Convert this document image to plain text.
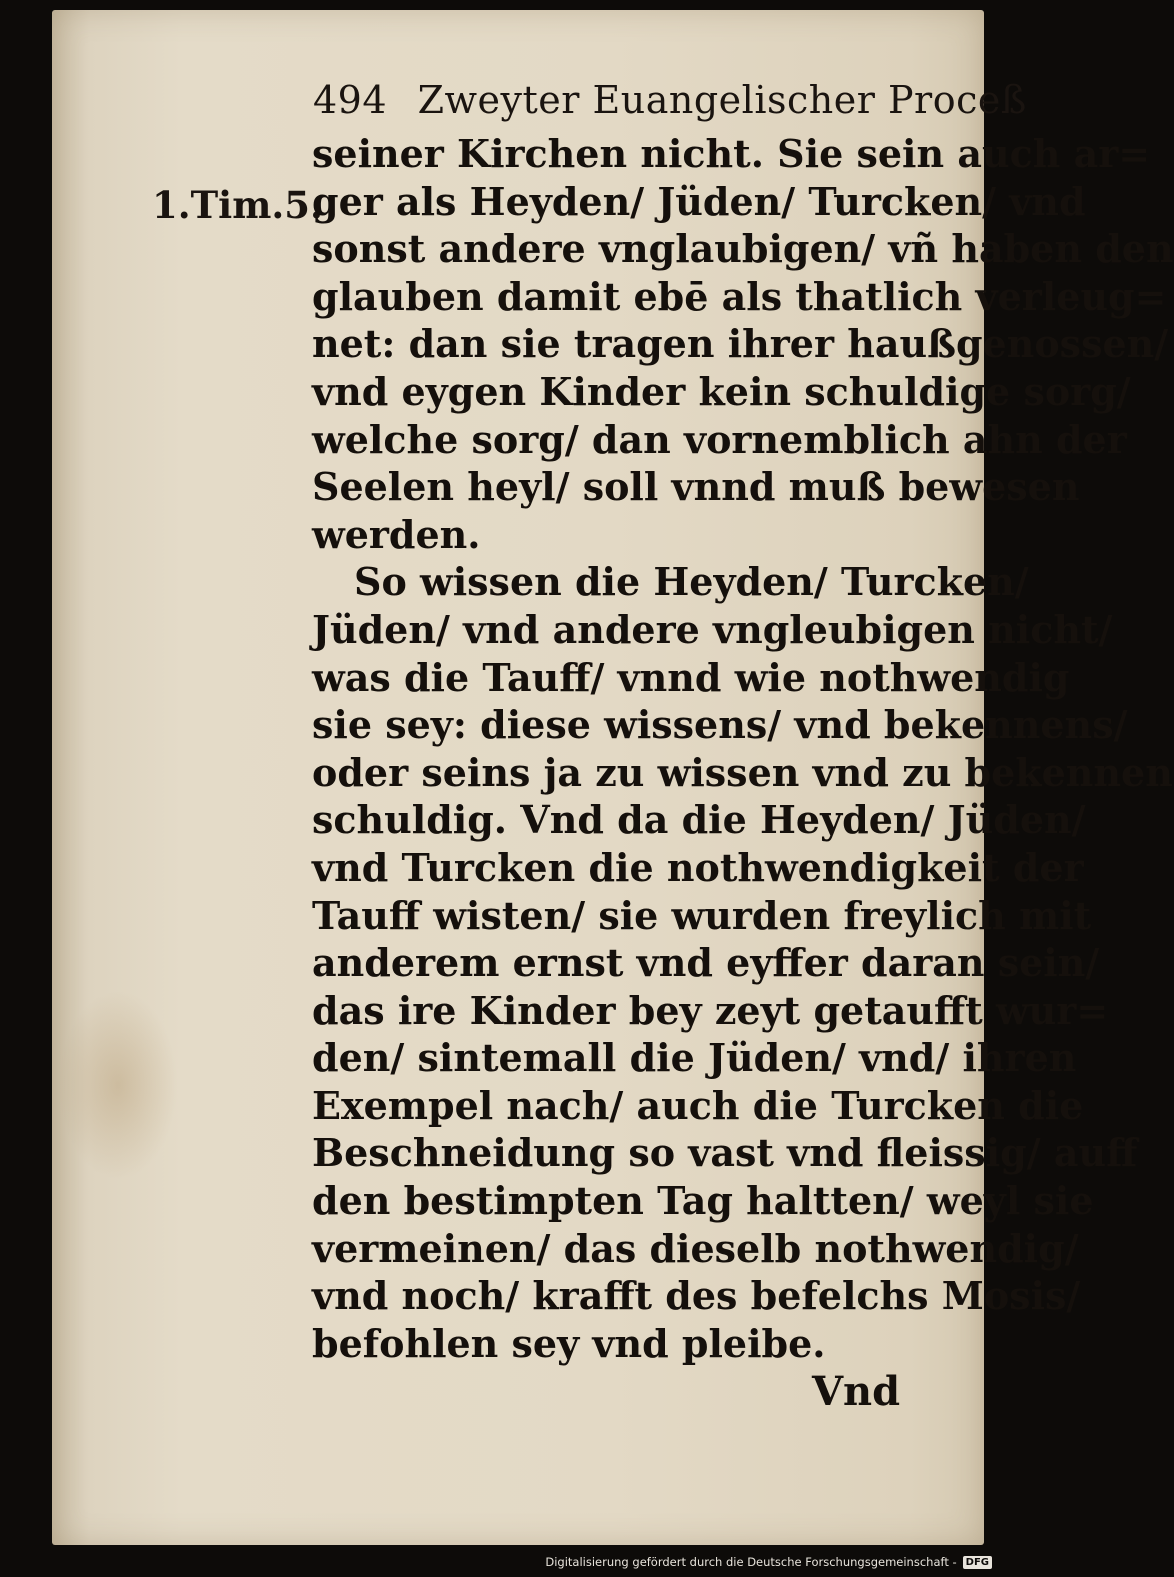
494 Zweyter Euangelischer Proceß
1.Tim.5.
seiner Kirchen nicht. Sie sein auch ar=
ger als Heyden/ Jüden/ Turcken/ vnd
sonst andere vnglaubigen/ vñ haben den
glauben damit ebē als thatlich verleug=
net: dan sie tragen ihrer haußgenossen/
vnd eygen Kinder kein schuldige sorg/
welche sorg/ dan vornemblich ahn der
Seelen heyl/ soll vnnd muß bewesen
werden.
So wissen die Heyden/ Turcken/
Jüden/ vnd andere vngleubigen nicht/
was die Tauff/ vnnd wie nothwendig
sie sey: diese wissens/ vnd bekennens/
oder seins ja zu wissen vnd zu bekennen
schuldig. Vnd da die Heyden/ Jüden/
vnd Turcken die nothwendigkeit der
Tauff wisten/ sie wurden freylich mit
anderem ernst vnd eyffer daran sein/
das ire Kinder bey zeyt getaufft wur=
den/ sintemall die Jüden/ vnd/ ihren
Exempel nach/ auch die Turcken die
Beschneidung so vast vnd fleissig/ auff
den bestimpten Tag haltten/ weyl sie
vermeinen/ das dieselb nothwendig/
vnd noch/ krafft des befelchs Mosis/
befohlen sey vnd pleibe.
Vnd
Digitalisierung gefördert durch die Deutsche Forschungsgemeinschaft - DFG
